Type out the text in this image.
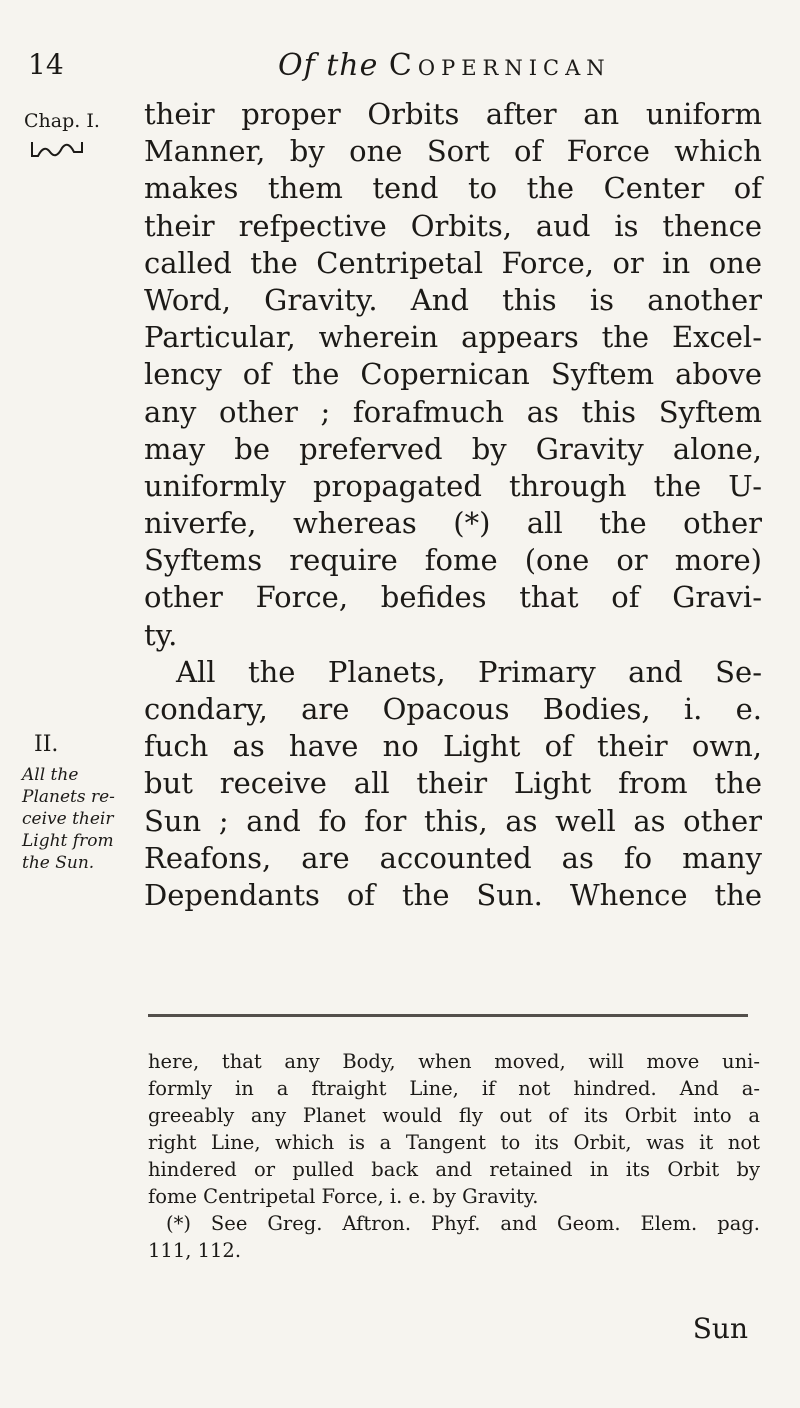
14	Of the Copernican
Chap. I.
II.
All the
Planets re-
ceive their
Light from
the Sun.
their proper Orbits after an uniform
Manner, by one Sort of Force which
makes them tend to the Center of
their refpective Orbits, aud is thence
called the Centripetal Force, or in one
Word, Gravity. And this is another
Particular, wherein appears the Excel-
lency of the Copernican Syftem above
any other ; forafmuch as this Syftem
may be preferved by Gravity alone,
uniformly propagated through the U-
niverfe, whereas (*) all the other
Syftems require fome (one or more)
other Force, befides that of Gravi-
ty.
All the Planets, Primary and Se-
condary, are Opacous Bodies, i. e.
fuch as have no Light of their own,
but receive all their Light from the
Sun ; and fo for this, as well as other
Reafons, are accounted as fo many
Dependants of the Sun. Whence the
here, that any Body, when moved, will move uni-
formly in a ftraight Line, if not hindred. And a-
greeably any Planet would fly out of its Orbit into a
right Line, which is a Tangent to its Orbit, was it not
hindered or pulled back and retained in its Orbit by
fome Centripetal Force, i. e. by Gravity.
(*) See Greg. Aftron. Phyf. and Geom. Elem. pag.
111, 112.
Sun
